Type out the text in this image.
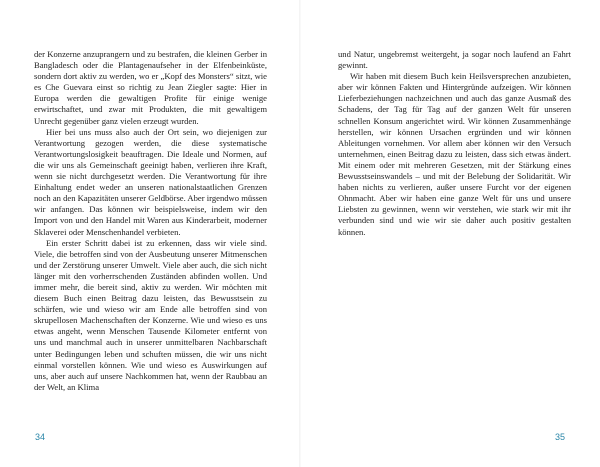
der Konzerne anzuprangern und zu bestrafen, die kleinen Gerber in Bangladesch oder die Plantagenaufseher in der Elfenbeinküste, sondern dort aktiv zu werden, wo er „Kopf des Monsters“ sitzt, wie es Che Guevara einst so richtig zu Jean Ziegler sagte: Hier in Europa werden die gewaltigen Profite für einige wenige erwirtschaftet, und zwar mit Produkten, die mit gewaltigem Unrecht gegenüber ganz vielen erzeugt wurden.

Hier bei uns muss also auch der Ort sein, wo diejenigen zur Verantwortung gezogen werden, die diese systematische Verantwortungslosigkeit beauftragen. Die Ideale und Normen, auf die wir uns als Gemeinschaft geeinigt haben, verlieren ihre Kraft, wenn sie nicht durchgesetzt werden. Die Verantwortung für ihre Einhaltung endet weder an unseren nationalstaatlichen Grenzen noch an den Kapazitäten unserer Geldbörse. Aber irgendwo müssen wir anfangen. Das können wir beispielsweise, indem wir den Import von und den Handel mit Waren aus Kinderarbeit, moderner Sklaverei oder Menschenhandel verbieten.

Ein erster Schritt dabei ist zu erkennen, dass wir viele sind. Viele, die betroffen sind von der Ausbeutung unserer Mitmenschen und der Zerstörung unserer Umwelt. Viele aber auch, die sich nicht länger mit den vorherrschenden Zuständen abfinden wollen. Und immer mehr, die bereit sind, aktiv zu werden. Wir möchten mit diesem Buch einen Beitrag dazu leisten, das Bewusstsein zu schärfen, wie und wieso wir am Ende alle betroffen sind von skrupellosen Machenschaften der Konzerne. Wie und wieso es uns etwas angeht, wenn Menschen Tausende Kilometer entfernt von uns und manchmal auch in unserer unmittelbaren Nachbarschaft unter Bedingungen leben und schuften müssen, die wir uns nicht einmal vorstellen können. Wie und wieso es Auswirkungen auf uns, aber auch auf unsere Nachkommen hat, wenn der Raubbau an der Welt, an Klima

34

und Natur, ungebremst weitergeht, ja sogar noch laufend an Fahrt gewinnt.

Wir haben mit diesem Buch kein Heilsversprechen anzubieten, aber wir können Fakten und Hintergründe aufzeigen. Wir können Lieferbeziehungen nachzeichnen und auch das ganze Ausmaß des Schadens, der Tag für Tag auf der ganzen Welt für unseren schnellen Konsum angerichtet wird. Wir können Zusammenhänge herstellen, wir können Ursachen ergründen und wir können Ableitungen vornehmen. Vor allem aber können wir den Versuch unternehmen, einen Beitrag dazu zu leisten, dass sich etwas ändert. Mit einem oder mit mehreren Gesetzen, mit der Stärkung eines Bewusstseinswandels – und mit der Belebung der Solidarität. Wir haben nichts zu verlieren, außer unsere Furcht vor der eigenen Ohnmacht. Aber wir haben eine ganze Welt für uns und unsere Liebsten zu gewinnen, wenn wir verstehen, wie stark wir mit ihr verbunden sind und wie wir sie daher auch positiv gestalten können.

35
